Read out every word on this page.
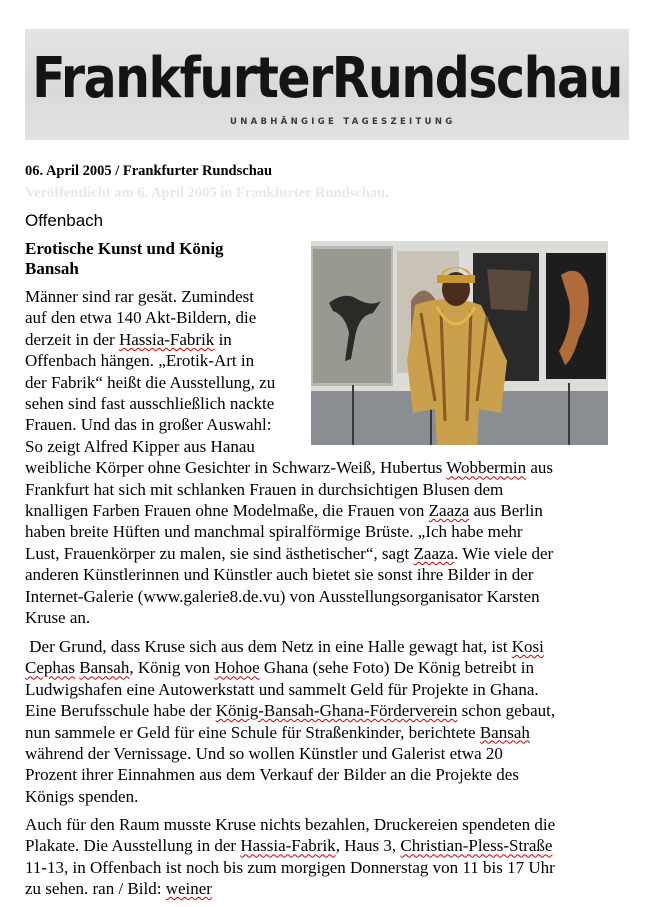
FrankfurterRundschau
UNABHÄNGIGE TAGESZEITUNG
06. April 2005 / Frankfurter Rundschau
Veröffentlicht am 6. April 2005 in Frankfurter Rundschau.
Offenbach
Erotische Kunst und König
Bansah
Männer sind rar gesät. Zumindest
auf den etwa 140 Akt-Bildern, die
derzeit in der Hassia-Fabrik in
Offenbach hängen. „Erotik-Art in
der Fabrik“ heißt die Ausstellung, zu
sehen sind fast ausschließlich nackte
Frauen. Und das in großer Auswahl:
So zeigt Alfred Kipper aus Hanau
weibliche Körper ohne Gesichter in Schwarz-Weiß, Hubertus Wobbermin aus
Frankfurt hat sich mit schlanken Frauen in durchsichtigen Blusen dem
knalligen Farben Frauen ohne Modelmaße, die Frauen von Zaaza aus Berlin
haben breite Hüften und manchmal spiralförmige Brüste. „Ich habe mehr
Lust, Frauenkörper zu malen, sie sind ästhetischer“, sagt Zaaza. Wie viele der
anderen Künstlerinnen und Künstler auch bietet sie sonst ihre Bilder in der
Internet-Galerie (www.galerie8.de.vu) von Ausstellungsorganisator Karsten
Kruse an.
Der Grund, dass Kruse sich aus dem Netz in eine Halle gewagt hat, ist Kosi
Cephas Bansah, König von Hohoe Ghana (sehe Foto) De König betreibt in
Ludwigshafen eine Autowerkstatt und sammelt Geld für Projekte in Ghana.
Eine Berufsschule habe der König-Bansah-Ghana-Förderverein schon gebaut,
nun sammele er Geld für eine Schule für Straßenkinder, berichtete Bansah
während der Vernissage. Und so wollen Künstler und Galerist etwa 20
Prozent ihrer Einnahmen aus dem Verkauf der Bilder an die Projekte des
Königs spenden.
Auch für den Raum musste Kruse nichts bezahlen, Druckereien spendeten die
Plakate. Die Ausstellung in der Hassia-Fabrik, Haus 3, Christian-Pless-Straße
11-13, in Offenbach ist noch bis zum morgigen Donnerstag von 11 bis 17 Uhr
zu sehen. ran / Bild: weiner
